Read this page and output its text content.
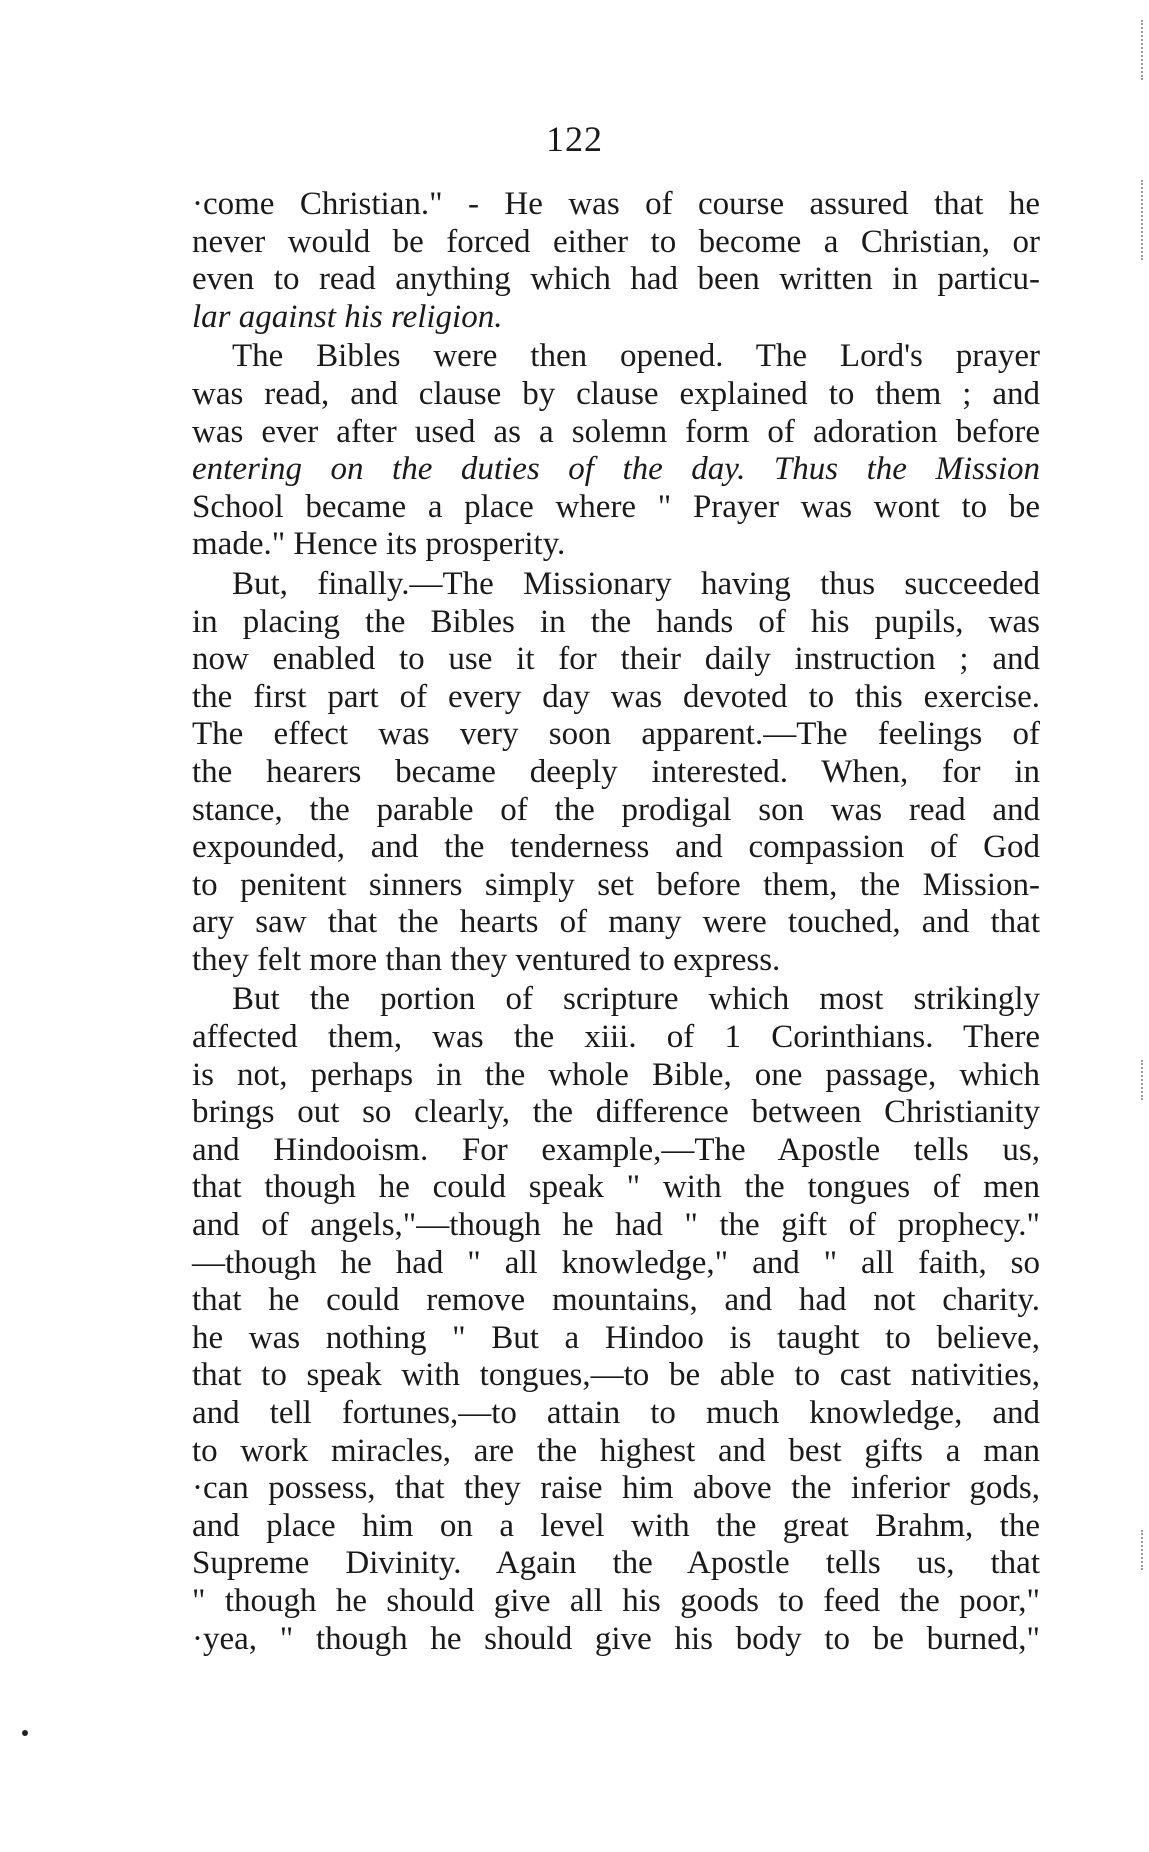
122

·come Christian." - He was of course assured that he
never would be forced either to become a Christian, or
even to read anything which had been written in particu-
lar against his religion.

The Bibles were then opened. The Lord's prayer
was read, and clause by clause explained to them ; and
was ever after used as a solemn form of adoration before
entering on the duties of the day. Thus the Mission
School became a place where " Prayer was wont to be
made." Hence its prosperity.

But, finally.—The Missionary having thus succeeded
in placing the Bibles in the hands of his pupils, was
now enabled to use it for their daily instruction ; and
the first part of every day was devoted to this exercise.
The effect was very soon apparent.—The feelings of
the hearers became deeply interested. When, for in
stance, the parable of the prodigal son was read and
expounded, and the tenderness and compassion of God
to penitent sinners simply set before them, the Mission-
ary saw that the hearts of many were touched, and that
they felt more than they ventured to express.

But the portion of scripture which most strikingly
affected them, was the xiii. of 1 Corinthians. There
is not, perhaps in the whole Bible, one passage, which
brings out so clearly, the difference between Christianity
and Hindooism. For example,—The Apostle tells us,
that though he could speak " with the tongues of men
and of angels,"—though he had " the gift of prophecy."
—though he had " all knowledge," and " all faith, so
that he could remove mountains, and had not charity.
he was nothing " But a Hindoo is taught to believe,
that to speak with tongues,—to be able to cast nativities,
and tell fortunes,—to attain to much knowledge, and
to work miracles, are the highest and best gifts a man
·can possess, that they raise him above the inferior gods,
and place him on a level with the great Brahm, the
Supreme Divinity. Again the Apostle tells us, that
" though he should give all his goods to feed the poor,"
·yea, " though he should give his body to be burned,"
